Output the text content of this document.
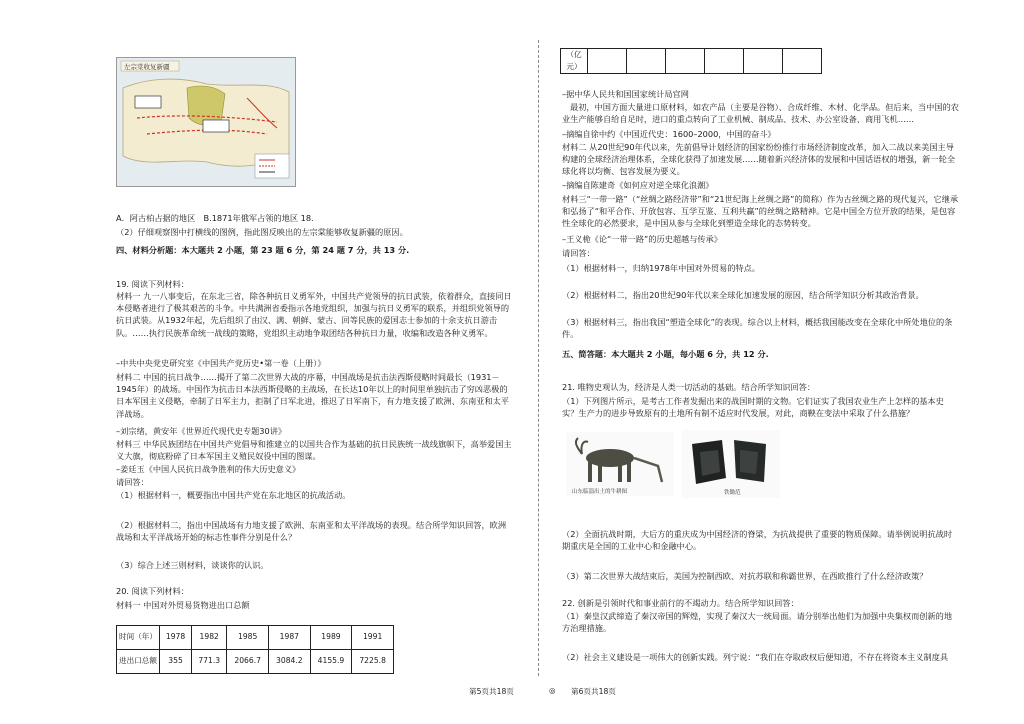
左宗棠收复新疆
A．阿古柏占据的地区　B.1871年俄军占领的地区 18.
（2）仔细观察图中打横线的图例，指此图反映出的左宗棠能够收复新疆的原因。
四、材料分析题：本大题共 2 小题，第 23 题 6 分，第 24 题 7 分，共 13 分.
19. 阅读下列材料：
材料一 九一八事变后，在东北三省，除各种抗日义勇军外，中国共产党领导的抗日武装，依着群众，直接同日本侵略者进行了极其艰苦的斗争。中共满洲省委指示各地党组织，加强与抗日义勇军的联系，并组织党领导的抗日武装。从1932年起，先后组织了由汉、满、朝鲜、蒙古、回等民族的爱国志士参加的十余支抗日游击队。……执行民族革命统一战线的策略，党组织主动地争取团结各种抗日力量，收编和改造各种义勇军。
–中共中央党史研究室《中国共产党历史•第一卷（上册）》
材料二 中国的抗日战争……揭开了第二次世界大战的序幕，中国战场是抗击法西斯侵略时间最长（1931－1945年）的战场。中国作为抗击日本法西斯侵略的主战场，在长达10年以上的时间里单独抗击了穷凶恶极的日本军国主义侵略，牵制了日军主力，拒制了日军北进，推迟了日军南下，有力地支援了欧洲、东南亚和太平洋战场。
–刘宗绪，黄安年《世界近代现代史专题30讲》
材料三 中华民族团结在中国共产党倡导和推建立的以国共合作为基础的抗日民族统一战线旗帜下，高举爱国主义大旗，彻底粉碎了日本军国主义殖民奴役中国的图谋。
–姜廷玉《中国人民抗日战争胜利的伟大历史意义》
请回答：
（1）根据材料一，概要指出中国共产党在东北地区的抗战活动。
（2）根据材料二，指出中国战场有力地支援了欧洲、东南亚和太平洋战场的表现。结合所学知识回答，欧洲战场和太平洋战场开始的标志性事件分别是什么？
（3）综合上述三则材料，谈谈你的认识。
20. 阅读下列材料：
材料一 中国对外贸易货物进出口总额
时间（年）	1978	1982	1985	1987	1989	1991
进出口总额	355	771.3	2066.7	3084.2	4155.9	7225.8
（亿元）						
–据中华人民共和国国家统计局官网
最初，中国方面大量进口原材料，如农产品（主要是谷物）、合成纤维、木材、化学品。但后来，当中国的农业生产能够自给自足时，进口的重点转向了工业机械、制成品、技术、办公室设备、商用飞机……
–摘编自徐中约《中国近代史：1600–2000，中国的奋斗》
材料二 从20世纪90年代以来，先前倡导计划经济的国家纷纷推行市场经济制度改革，加入二战以来美国主导构建的全球经济治理体系，全球化获得了加速发展……随着新兴经济体的发展和中国话语权的增强，新一轮全球化将以均衡、包容发展为要义。
–摘编自陈建奇《如何应对逆全球化浪潮》
材料三“一带一路”（“丝绸之路经济带”和“21世纪海上丝绸之路”的简称）作为古丝绸之路的现代复兴，它继承和弘扬了“和平合作、开放包容、互学互鉴、互利共赢”的丝绸之路精神。它是中国全方位开放的结果，是包容性全球化的必然要求，是中国从参与全球化到塑造全球化的态势转变。
–王义桅《论“一带一路”的历史超越与传承》
请回答：
（1）根据材料一，归纳1978年中国对外贸易的特点。
（2）根据材料二，指出20世纪90年代以来全球化加速发展的原因，结合所学知识分析其政治背景。
（3）根据材料三，指出我国“塑造全球化”的表现。综合以上材料，概括我国能改变在全球化中所处地位的条件。
五、简答题：本大题共 2 小题，每小题 6 分，共 12 分.
21. 唯物史观认为，经济是人类一切活动的基础。结合所学知识回答：
（1）下列图片所示，是考古工作者发掘出来的战国时期的文物。它们证实了我国农业生产上怎样的基本史实？生产力的进步导致原有的土地所有制不适应时代发展，对此，商鞅在变法中采取了什么措施？
山东临淄出土的牛耕图	铁锄范
（2）全面抗战时期，大后方的重庆成为中国经济的脊梁，为抗战提供了重要的物质保障。请举例说明抗战时期重庆是全国的工业中心和金融中心。
（3）第二次世界大战结束后，美国为控制西欧、对抗苏联和称霸世界，在西欧推行了什么经济政策？
22. 创新是引领时代和事业前行的不竭动力。结合所学知识回答：
（1）秦皇汉武缔造了秦汉帝国的辉煌，实现了秦汉大一统局面。请分别举出他们为加强中央集权而创新的地方治理措施。
（2）社会主义建设是一项伟大的创新实践。列宁说：“我们在夺取政权后便知道，不存在将资本主义制度具
第5页共18页	◎ 第6页共18页
